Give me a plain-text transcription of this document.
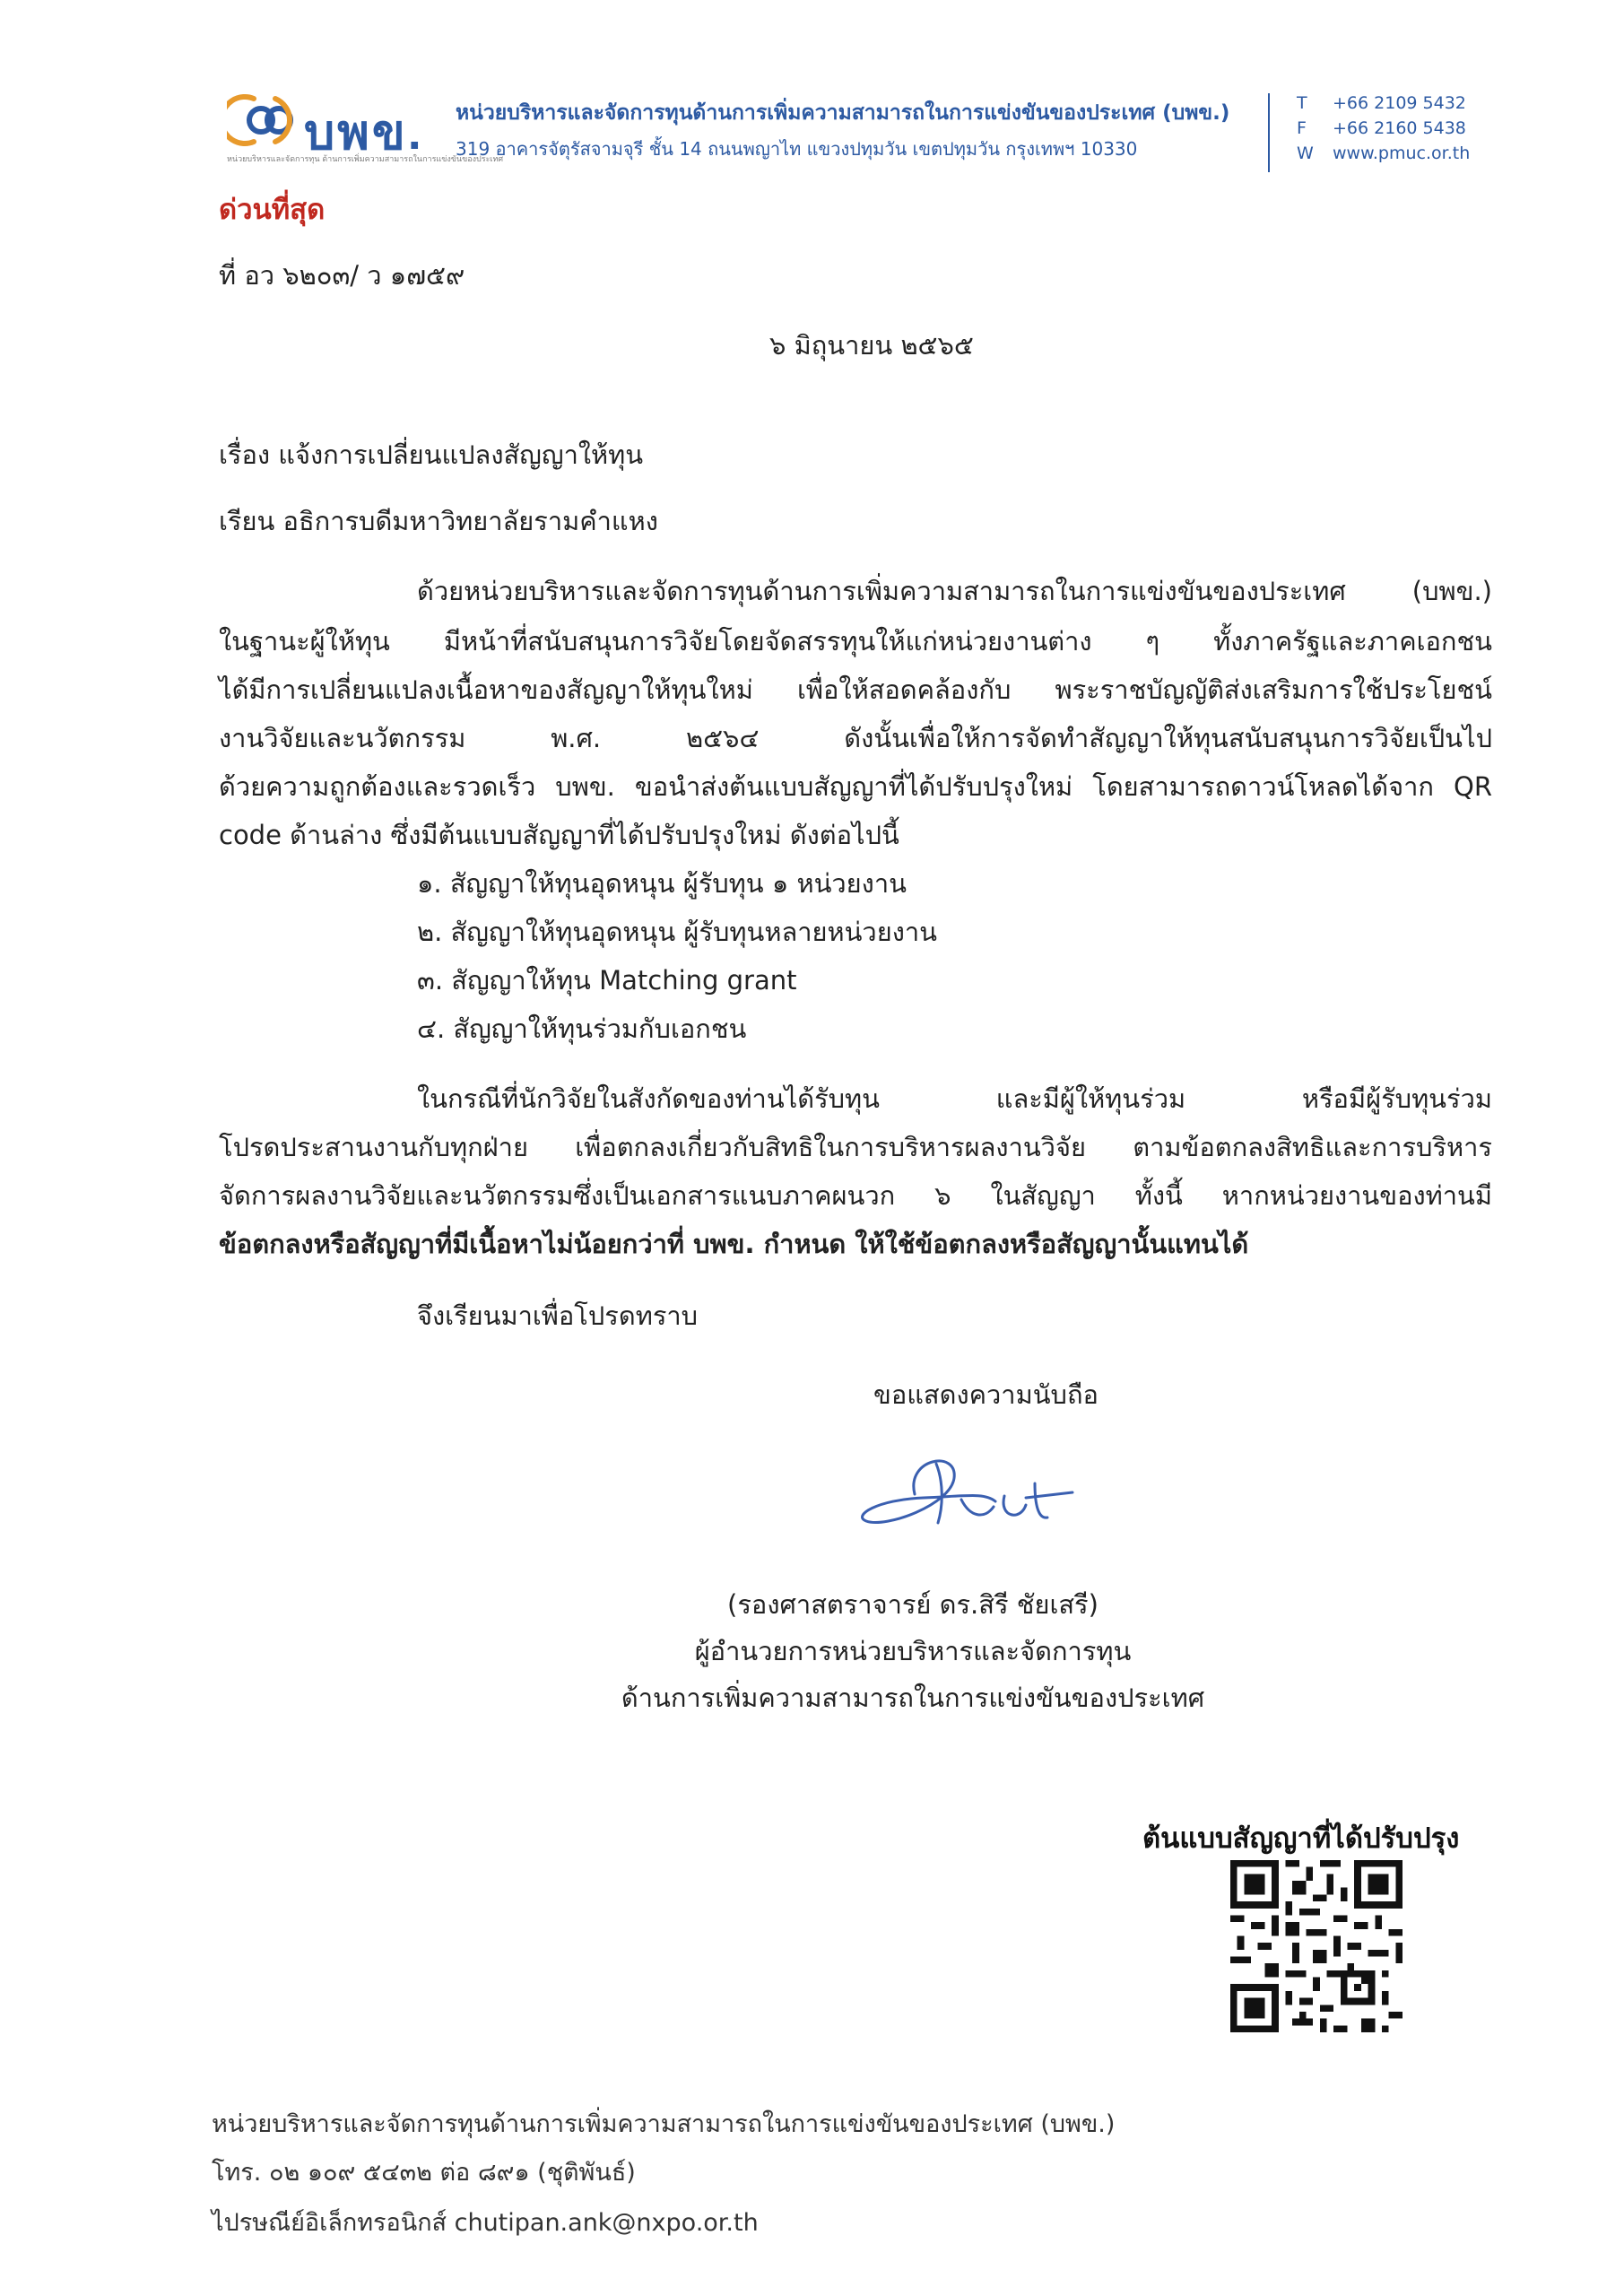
บพข.
หน่วยบริหารและจัดการทุน ด้านการเพิ่มความสามารถในการแข่งขันของประเทศ
หน่วยบริหารและจัดการทุนด้านการเพิ่มความสามารถในการแข่งขันของประเทศ (บพข.)
319 อาคารจัตุรัสจามจุรี ชั้น 14 ถนนพญาไท แขวงปทุมวัน เขตปทุมวัน กรุงเทพฯ 10330
T +66 2109 5432
F +66 2160 5438
W www.pmuc.or.th
ด่วนที่สุด
ที่ อว ๖๒๐๓/ ว ๑๗๕๙
๖ มิถุนายน ๒๕๖๕
เรื่อง แจ้งการเปลี่ยนแปลงสัญญาให้ทุน
เรียน อธิการบดีมหาวิทยาลัยรามคำแหง
ด้วยหน่วยบริหารและจัดการทุนด้านการเพิ่มความสามารถในการแข่งขันของประเทศ (บพข.)
ในฐานะผู้ให้ทุน มีหน้าที่สนับสนุนการวิจัยโดยจัดสรรทุนให้แก่หน่วยงานต่าง ๆ ทั้งภาครัฐและภาคเอกชน
ได้มีการเปลี่ยนแปลงเนื้อหาของสัญญาให้ทุนใหม่ เพื่อให้สอดคล้องกับ พระราชบัญญัติส่งเสริมการใช้ประโยชน์
งานวิจัยและนวัตกรรม พ.ศ. ๒๕๖๔ ดังนั้นเพื่อให้การจัดทำสัญญาให้ทุนสนับสนุนการวิจัยเป็นไป
ด้วยความถูกต้องและรวดเร็ว บพข. ขอนำส่งต้นแบบสัญญาที่ได้ปรับปรุงใหม่ โดยสามารถดาวน์โหลดได้จาก QR
code ด้านล่าง ซึ่งมีต้นแบบสัญญาที่ได้ปรับปรุงใหม่ ดังต่อไปนี้
๑. สัญญาให้ทุนอุดหนุน ผู้รับทุน ๑ หน่วยงาน
๒. สัญญาให้ทุนอุดหนุน ผู้รับทุนหลายหน่วยงาน
๓. สัญญาให้ทุน Matching grant
๔. สัญญาให้ทุนร่วมกับเอกชน
ในกรณีที่นักวิจัยในสังกัดของท่านได้รับทุน และมีผู้ให้ทุนร่วม หรือมีผู้รับทุนร่วม
โปรดประสานงานกับทุกฝ่าย เพื่อตกลงเกี่ยวกับสิทธิในการบริหารผลงานวิจัย ตามข้อตกลงสิทธิและการบริหาร
จัดการผลงานวิจัยและนวัตกรรมซึ่งเป็นเอกสารแนบภาคผนวก ๖ ในสัญญา ทั้งนี้ หากหน่วยงานของท่านมี
ข้อตกลงหรือสัญญาที่มีเนื้อหาไม่น้อยกว่าที่ บพข. กำหนด ให้ใช้ข้อตกลงหรือสัญญานั้นแทนได้
จึงเรียนมาเพื่อโปรดทราบ
ขอแสดงความนับถือ
(รองศาสตราจารย์ ดร.สิรี ชัยเสรี)
ผู้อำนวยการหน่วยบริหารและจัดการทุน
ด้านการเพิ่มความสามารถในการแข่งขันของประเทศ
ต้นแบบสัญญาที่ได้ปรับปรุง
หน่วยบริหารและจัดการทุนด้านการเพิ่มความสามารถในการแข่งขันของประเทศ (บพข.)
โทร. ๐๒ ๑๐๙ ๕๔๓๒ ต่อ ๘๙๑ (ชุติพันธ์)
ไปรษณีย์อิเล็กทรอนิกส์ chutipan.ank@nxpo.or.th
